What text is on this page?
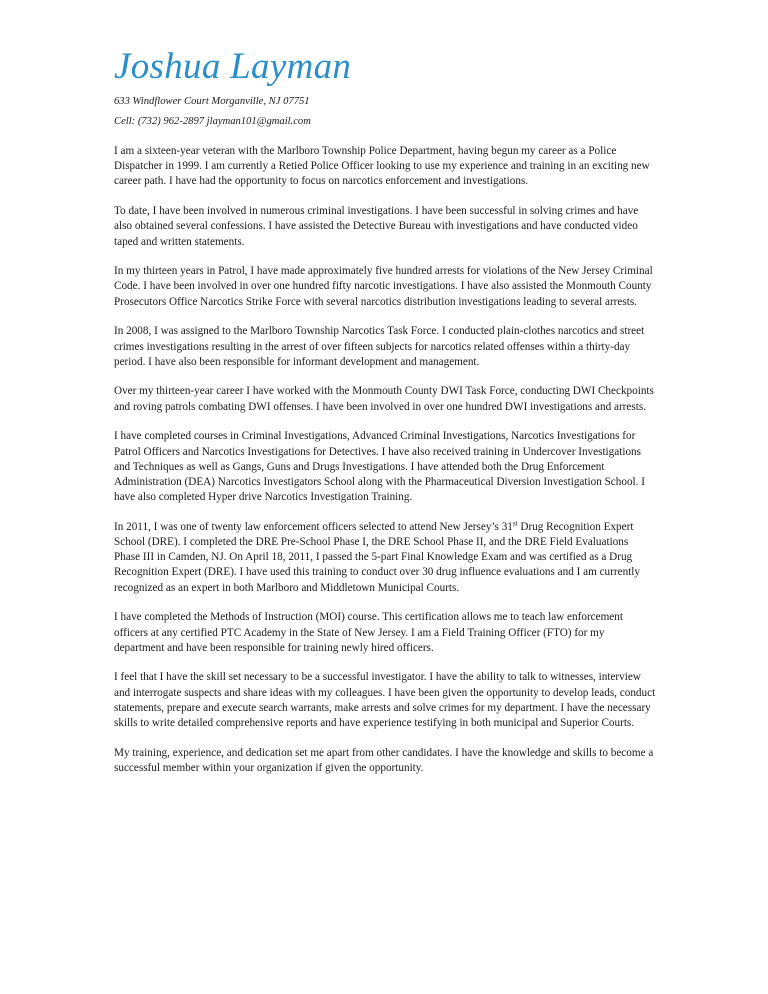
Joshua Layman

633 Windflower Court Morganville, NJ 07751

Cell: (732) 962-2897 jlayman101@gmail.com

I am a sixteen-year veteran with the Marlboro Township Police Department, having begun my career as a Police Dispatcher in 1999. I am currently a Retied Police Officer looking to use my experience and training in an exciting new career path. I have had the opportunity to focus on narcotics enforcement and investigations.

To date, I have been involved in numerous criminal investigations. I have been successful in solving crimes and have also obtained several confessions. I have assisted the Detective Bureau with investigations and have conducted video taped and written statements.

In my thirteen years in Patrol, I have made approximately five hundred arrests for violations of the New Jersey Criminal Code. I have been involved in over one hundred fifty narcotic investigations. I have also assisted the Monmouth County Prosecutors Office Narcotics Strike Force with several narcotics distribution investigations leading to several arrests.

In 2008, I was assigned to the Marlboro Township Narcotics Task Force. I conducted plain-clothes narcotics and street crimes investigations resulting in the arrest of over fifteen subjects for narcotics related offenses within a thirty-day period. I have also been responsible for informant development and management.

Over my thirteen-year career I have worked with the Monmouth County DWI Task Force, conducting DWI Checkpoints and roving patrols combating DWI offenses. I have been involved in over one hundred DWI investigations and arrests.

I have completed courses in Criminal Investigations, Advanced Criminal Investigations, Narcotics Investigations for Patrol Officers and Narcotics Investigations for Detectives. I have also received training in Undercover Investigations and Techniques as well as Gangs, Guns and Drugs Investigations. I have attended both the Drug Enforcement Administration (DEA) Narcotics Investigators School along with the Pharmaceutical Diversion Investigation School. I have also completed Hyper drive Narcotics Investigation Training.

In 2011, I was one of twenty law enforcement officers selected to attend New Jersey’s 31st Drug Recognition Expert School (DRE). I completed the DRE Pre-School Phase I, the DRE School Phase II, and the DRE Field Evaluations Phase III in Camden, NJ. On April 18, 2011, I passed the 5-part Final Knowledge Exam and was certified as a Drug Recognition Expert (DRE). I have used this training to conduct over 30 drug influence evaluations and I am currently recognized as an expert in both Marlboro and Middletown Municipal Courts.

I have completed the Methods of Instruction (MOI) course. This certification allows me to teach law enforcement officers at any certified PTC Academy in the State of New Jersey. I am a Field Training Officer (FTO) for my department and have been responsible for training newly hired officers.

I feel that I have the skill set necessary to be a successful investigator. I have the ability to talk to witnesses, interview and interrogate suspects and share ideas with my colleagues. I have been given the opportunity to develop leads, conduct statements, prepare and execute search warrants, make arrests and solve crimes for my department. I have the necessary skills to write detailed comprehensive reports and have experience testifying in both municipal and Superior Courts.

My training, experience, and dedication set me apart from other candidates. I have the knowledge and skills to become a successful member within your organization if given the opportunity.
